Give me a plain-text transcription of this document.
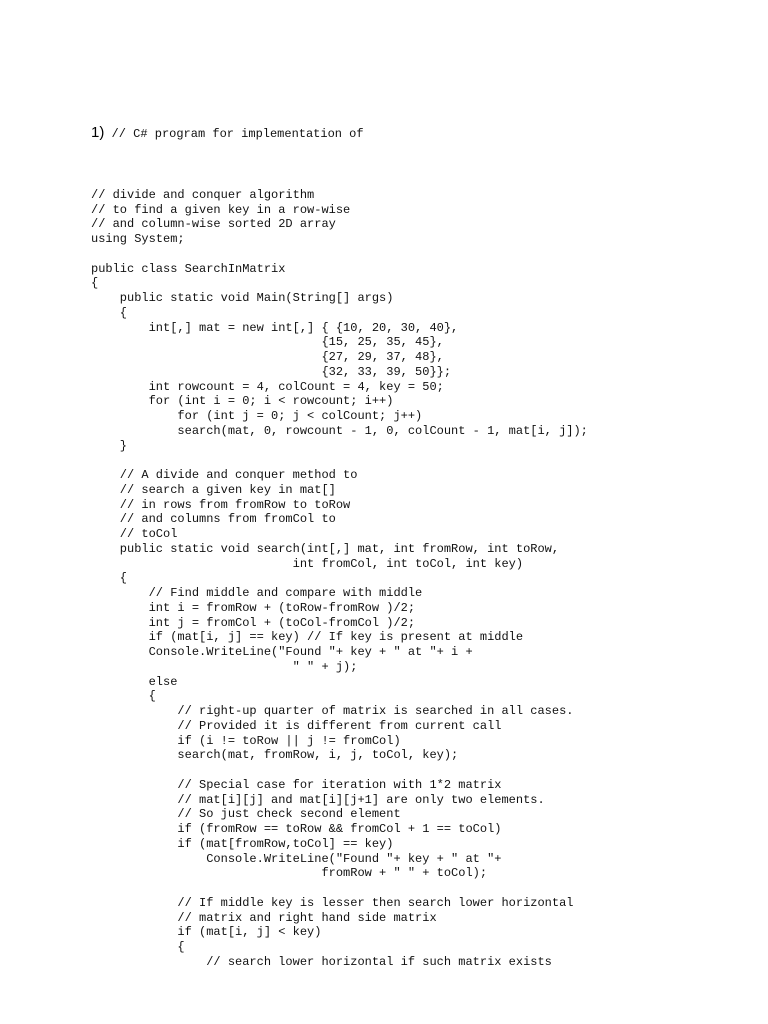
1) // C# program for implementation of

// divide and conquer algorithm
// to find a given key in a row-wise
// and column-wise sorted 2D array
using System;
public class SearchInMatrix
{
public static void Main(String[] args)
{
int[,] mat = new int[,] { {10, 20, 30, 40},
{15, 25, 35, 45},
{27, 29, 37, 48},
{32, 33, 39, 50}};
int rowcount = 4, colCount = 4, key = 50;
for (int i = 0; i < rowcount; i++)
for (int j = 0; j < colCount; j++)
search(mat, 0, rowcount - 1, 0, colCount - 1, mat[i, j]);
}
// A divide and conquer method to
// search a given key in mat[]
// in rows from fromRow to toRow
// and columns from fromCol to
// toCol
public static void search(int[,] mat, int fromRow, int toRow,
int fromCol, int toCol, int key)
{
// Find middle and compare with middle
int i = fromRow + (toRow-fromRow )/2;
int j = fromCol + (toCol-fromCol )/2;
if (mat[i, j] == key) // If key is present at middle
Console.WriteLine("Found "+ key + " at "+ i +
" " + j);
else
{
// right-up quarter of matrix is searched in all cases.
// Provided it is different from current call
if (i != toRow || j != fromCol)
search(mat, fromRow, i, j, toCol, key);
// Special case for iteration with 1*2 matrix
// mat[i][j] and mat[i][j+1] are only two elements.
// So just check second element
if (fromRow == toRow && fromCol + 1 == toCol)
if (mat[fromRow,toCol] == key)
Console.WriteLine("Found "+ key + " at "+
fromRow + " " + toCol);
// If middle key is lesser then search lower horizontal
// matrix and right hand side matrix
if (mat[i, j] < key)
{
// search lower horizontal if such matrix exists
